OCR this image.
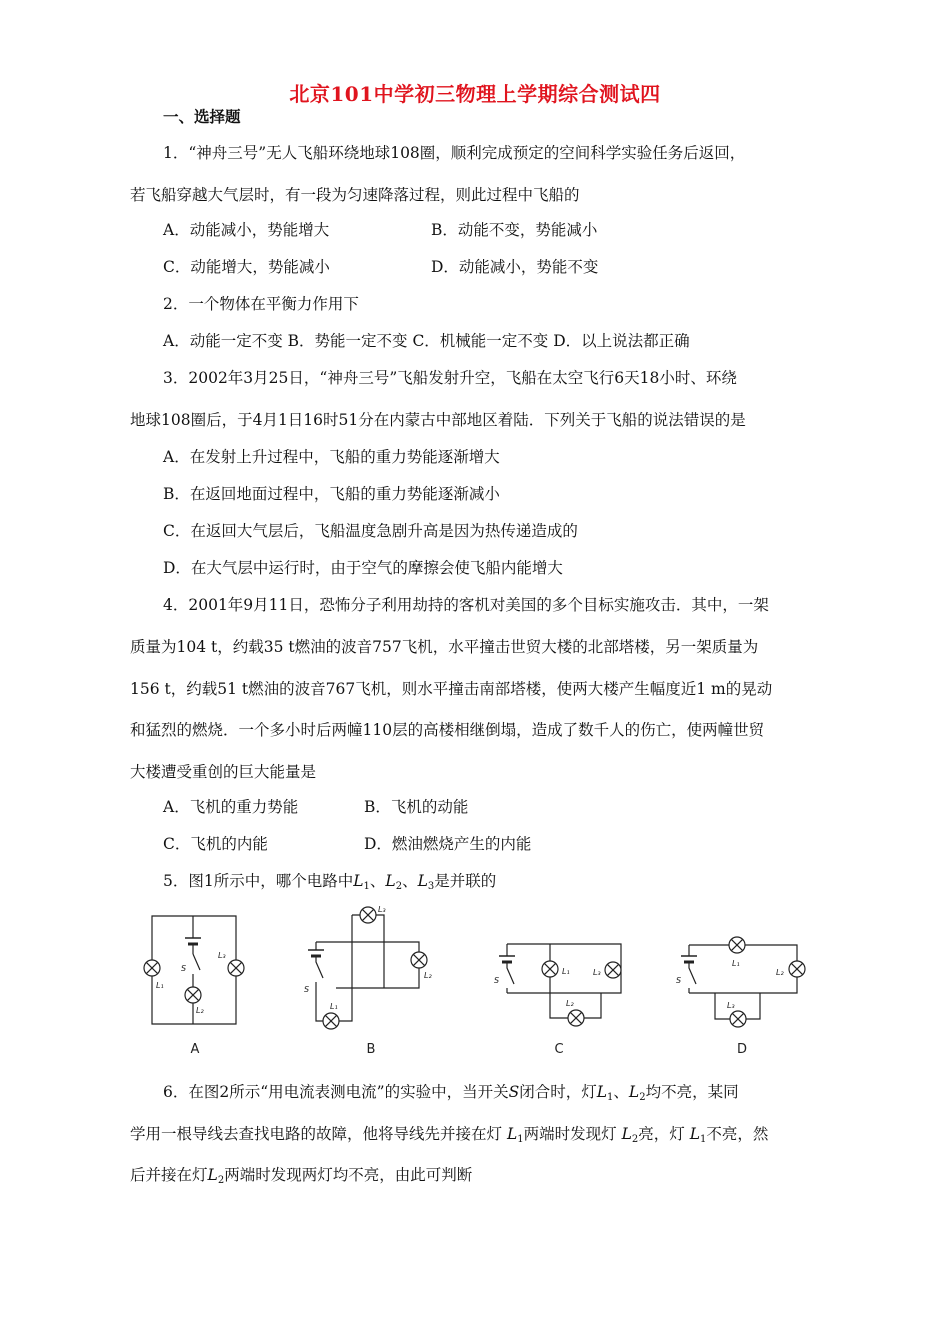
北京101中学初三物理上学期综合测试四
一、选择题
1．“神舟三号”无人飞船环绕地球108圈，顺利完成预定的空间科学实验任务后返回，
若飞船穿越大气层时，有一段为匀速降落过程，则此过程中飞船的
A．动能减小，势能增大	B．动能不变，势能减小
C．动能增大，势能减小	D．动能减小，势能不变
2．一个物体在平衡力作用下
A．动能一定不变 B．势能一定不变 C．机械能一定不变 D．以上说法都正确
3．2002年3月25日，“神舟三号”飞船发射升空，飞船在太空飞行6天18小时、环绕
地球108圈后，于4月1日16时51分在内蒙古中部地区着陆．下列关于飞船的说法错误的是
A．在发射上升过程中，飞船的重力势能逐渐增大
B．在返回地面过程中，飞船的重力势能逐渐减小
C．在返回大气层后，飞船温度急剧升高是因为热传递造成的
D．在大气层中运行时，由于空气的摩擦会使飞船内能增大
4．2001年9月11日，恐怖分子利用劫持的客机对美国的多个目标实施攻击．其中，一架
质量为104 t，约载35 t燃油的波音757飞机，水平撞击世贸大楼的北部塔楼，另一架质量为
156 t，约载51 t燃油的波音767飞机，则水平撞击南部塔楼，使两大楼产生幅度近1 m的晃动
和猛烈的燃烧．一个多小时后两幢110层的高楼相继倒塌，造成了数千人的伤亡，使两幢世贸
大楼遭受重创的巨大能量是
A．飞机的重力势能	B．飞机的动能
C．飞机的内能	D．燃油燃烧产生的内能
5．图1所示中，哪个电路中$L_1$、$L_2$、$L_3$是并联的
S
L₁
L₃
L₂
L₃
S
L₂
L₁
S
L₁	L₃
L₂
S
L₁
L₂
L₃
A	B	C	D
6．在图2所示“用电流表测电流”的实验中，当开关S闭合时，灯$L_1$、$L_2$均不亮，某同
学用一根导线去查找电路的故障，他将导线先并接在灯 $L_1$两端时发现灯 $L_2$亮，灯 $L_1$不亮，然
后并接在灯$L_2$两端时发现两灯均不亮，由此可判断
